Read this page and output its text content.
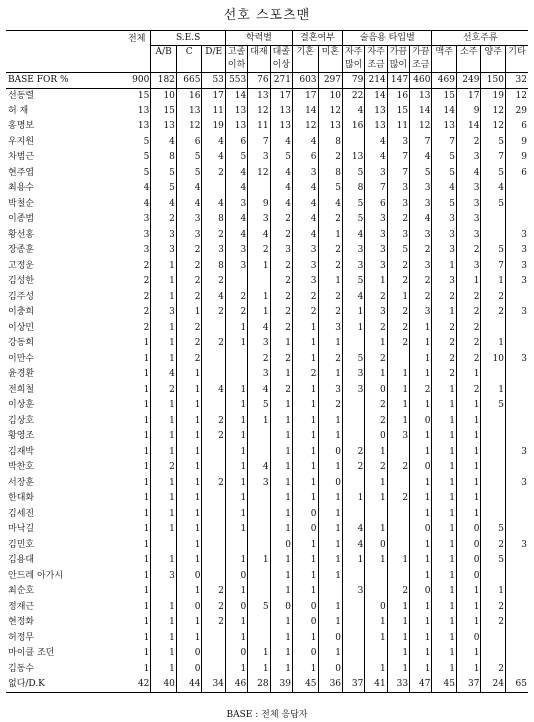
선호 스포츠맨
	전체	S.E.S			학력별			결혼여부		술음용 타입별				선호주류			
		A/B	C	D/E	고졸	대재	대졸	기혼	미혼	자주	자주	가끔	가끔	맥주	소주	양주	기타
					이하		이상			많이	조금	많이	조금				
BASE FOR %	900	182	665	53	553	76	271	603	297	79	214	147	460	469	249	150	32
선동렬	15	10	16	17	14	13	17	17	10	22	14	16	13	15	17	19	12
허 재	13	15	13	11	13	12	13	14	12	4	13	15	14	14	9	12	29
홍명보	13	13	12	19	13	11	13	12	13	16	13	11	12	13	14	12	6
우지원	5	4	6	4	6	7	4	4	8		4	3	7	7	2	5	9
차범근	5	8	5	4	5	3	5	6	2	13	4	7	4	5	3	7	9
현주엽	5	5	5	2	4	12	4	3	8	5	3	7	5	5	4	5	6
최용수	4	5	4		4		4	4	5	8	7	3	3	4	3	4	
박철순	4	4	4	4	3	9	4	4	4	5	6	3	3	5	3	5	
이종범	3	2	3	8	4	3	2	4	2	5	3	2	4	3	3		
황선홍	3	3	3	2	4	4	2	4	1	4	3	3	3	3	3		3
장종훈	3	3	2	3	3	2	3	3	2	3	3	5	2	3	2	5	3
고정운	2	1	2	8	3	1	2	3	2	3	3	2	3	1	3	7	3
김성한	2	1	2	2			2	3	1	5	1	2	2	3	1	1	3
김주성	2	1	2	4	2	1	2	2	2	4	2	1	2	2	2	2	
이충희	2	3	1	2	2	1	2	2	2	1	3	2	3	1	2	2	3
이상민	2	1	2		1	4	2	1	3	1	2	2	1	2	2		
강동희	1	1	2	2	1	3	1	1	1		1	2	1	2	2	1	
이만수	1	1	2			2	2	1	2	5	2		1	2	2	10	3
윤경환	1	4	1			3	1	2	1	3	1	1	1	2	1		
전희철	1	2	1	4	1	4	2	1	3	3	0	1	2	1	2	1	
이상훈	1	1	1		1	5	1	1	2		2	1	1	1	1	5	
김상호	1	1	1	2	1	1	1	1	1		2	1	0	1	1		
황영조	1	1	1	2	1		1	1	1		0	3	1	1	1		
김재박	1	1	1		1		1	1	0	2	1		1	1	1		3
박찬호	1	2	1		1	4	1	1	1	2	2	2	0	1	1		
서장훈	1	1	1	2	1	3	1	1	0		1		1	1	1		3
한대화	1	1	1		1		1	1	1	1	1	2	1	1	1		
김세진	1	1	1		1		1	0	1				1	1	1		
마낙길	1	1	1		1		1	0	1	4	1		0	1	0	5	
김민호	1		1				0	1	1	4	0		1	1	0	2	3
김용대	1	1	1		1	1	1	1	1	1	1	1	1	1	0	5	
안드레 아가시	1	3	0		0		1	1	1				1	1	0		
최순호	1		1	2	1		1	1		3		2	0	1	1	1	
정재근	1	1	0	2	0	5	0	0	1		0	1	1	1	1	2	
현정화	1	1	1	2	1		1	0	1		1	1	1	1	1	2	
허정무	1	1	1		1		1	1	0		1	1	1	1	0		
마이클 조던	1	1	0		0	1	1	0	1			1	1	1	1		
김동수	1	1	0		1	1	1	1	0		1	1	1	1	1	2	
없다/D.K	42	40	44	34	46	28	39	45	36	37	41	33	47	45	37	24	65
BASE : 전체 응답자
